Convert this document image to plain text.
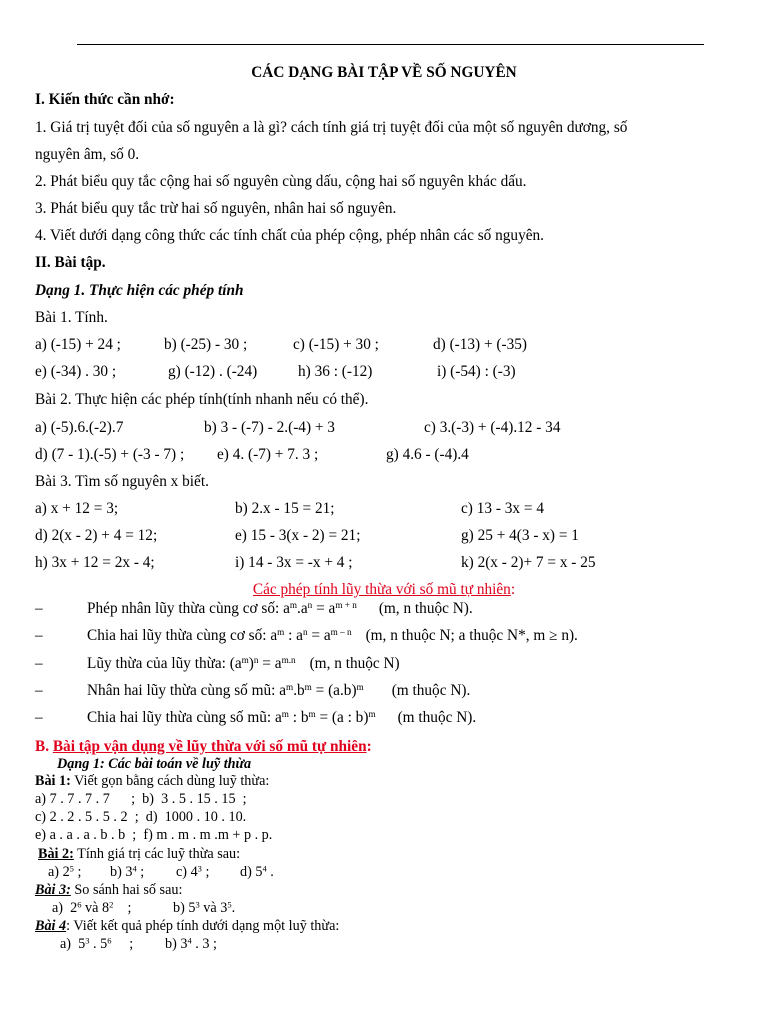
CÁC DẠNG BÀI TẬP VỀ SỐ NGUYÊN
I. Kiến thức cần nhớ:
1. Giá trị tuyệt đối của số nguyên a là gì? cách tính giá trị tuyệt đối của một số nguyên dương, số
nguyên âm, số 0.
2. Phát biểu quy tắc cộng hai số nguyên cùng dấu, cộng hai số nguyên khác dấu.
3. Phát biểu quy tắc trừ hai số nguyên, nhân hai số nguyên.
4. Viết dưới dạng công thức các tính chất của phép cộng, phép nhân các số nguyên.
II. Bài tập.
Dạng 1. Thực hiện các phép tính
Bài 1. Tính.
a) (-15) + 24 ;	b) (-25) - 30 ;	c) (-15) + 30 ;	d) (-13) + (-35)
e) (-34) . 30 ;	g) (-12) . (-24)	h) 36 : (-12)	i) (-54) : (-3)
Bài 2. Thực hiện các phép tính(tính nhanh nếu có thể).
a) (-5).6.(-2).7	b) 3 - (-7) - 2.(-4) + 3	c) 3.(-3) + (-4).12 - 34
d) (7 - 1).(-5) + (-3 - 7) ; e) 4. (-7) + 7. 3 ;	g) 4.6 - (-4).4
Bài 3. Tìm số nguyên x biết.
a) x + 12 = 3;	b) 2.x - 15 = 21;	c) 13 - 3x = 4
d) 2(x - 2) + 4 = 12;	e) 15 - 3(x - 2) = 21;	g) 25 + 4(3 - x) = 1
h) 3x + 12 = 2x - 4;	i) 14 - 3x = -x + 4 ;	k) 2(x - 2)+ 7 = x - 25
Các phép tính lũy thừa với số mũ tự nhiên:
–	Phép nhân lũy thừa cùng cơ số: $a^m.a^n = a^{m + n}$ (m, n thuộc N).
–	Chia hai lũy thừa cùng cơ số: $a^m$ : $a^n = a^{m - n}$ (m, n thuộc N; a thuộc N*, m ≥ n).
–	Lũy thừa của lũy thừa: $(a^m)^n = a^{m.n}$ (m, n thuộc N)
–	Nhân hai lũy thừa cùng số mũ: $a^m.b^m = (a.b)^m$ (m thuộc N).
–	Chia hai lũy thừa cùng số mũ: $a^m$ : $b^m = (a$ : b)$^m$ (m thuộc N).
B. Bài tập vận dụng về lũy thừa với số mũ tự nhiên:
Dạng 1: Các bài toán về luỹ thừa
Bài 1: Viết gọn bằng cách dùng luỹ thừa:
a) 7 . 7 . 7 . 7      ;  b)  3 . 5 . 15 . 15  ;
c) 2 . 2 . 5 . 5 . 2  ;  d)  1000 . 10 . 10.
e) a . a . a . b . b  ;  f) m . m . m .m + p . p.
Bài 2: Tính giá trị các luỹ thừa sau:
a) $2^5$ ; b) $3^4$ ; c) $4^3$ ; d) $5^4$ .
Bài 3: So sánh hai số sau:
a)  $2^6$ và $8^2$    ;	b) $5^3$ và $3^5$.
Bài 4: Viết kết quả phép tính dưới dạng một luỹ thừa:
a)  $5^3$ . $5^6$     ; b) $3^4$ . 3 ;
